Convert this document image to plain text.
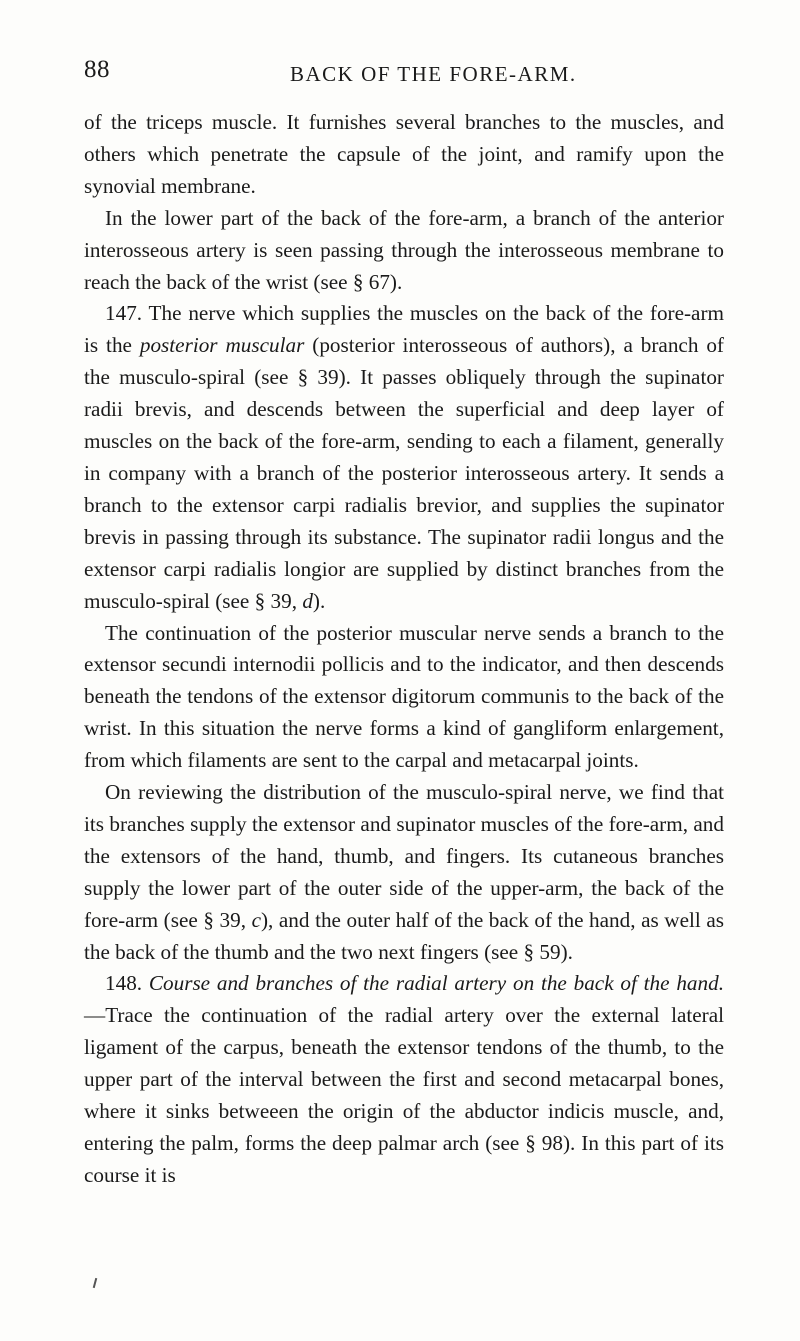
88	BACK OF THE FORE-ARM.

of the triceps muscle. It furnishes several branches to the muscles, and others which penetrate the capsule of the joint, and ramify upon the synovial membrane.

In the lower part of the back of the fore-arm, a branch of the anterior interosseous artery is seen passing through the interosseous membrane to reach the back of the wrist (see § 67).

147. The nerve which supplies the muscles on the back of the fore-arm is the posterior muscular (posterior interosseous of authors), a branch of the musculo-spiral (see § 39). It passes obliquely through the supinator radii brevis, and descends between the superficial and deep layer of muscles on the back of the fore-arm, sending to each a filament, generally in company with a branch of the posterior interosseous artery. It sends a branch to the extensor carpi radialis brevior, and supplies the supinator brevis in passing through its substance. The supinator radii longus and the extensor carpi radialis longior are supplied by distinct branches from the musculo-spiral (see § 39, d).

The continuation of the posterior muscular nerve sends a branch to the extensor secundi internodii pollicis and to the indicator, and then descends beneath the tendons of the extensor digitorum communis to the back of the wrist. In this situation the nerve forms a kind of gangliform enlargement, from which filaments are sent to the carpal and metacarpal joints.

On reviewing the distribution of the musculo-spiral nerve, we find that its branches supply the extensor and supinator muscles of the fore-arm, and the extensors of the hand, thumb, and fingers. Its cutaneous branches supply the lower part of the outer side of the upper-arm, the back of the fore-arm (see § 39, c), and the outer half of the back of the hand, as well as the back of the thumb and the two next fingers (see § 59).

148. Course and branches of the radial artery on the back of the hand.—Trace the continuation of the radial artery over the external lateral ligament of the carpus, beneath the extensor tendons of the thumb, to the upper part of the interval between the first and second metacarpal bones, where it sinks betweeen the origin of the abductor indicis muscle, and, entering the palm, forms the deep palmar arch (see § 98). In this part of its course it is
